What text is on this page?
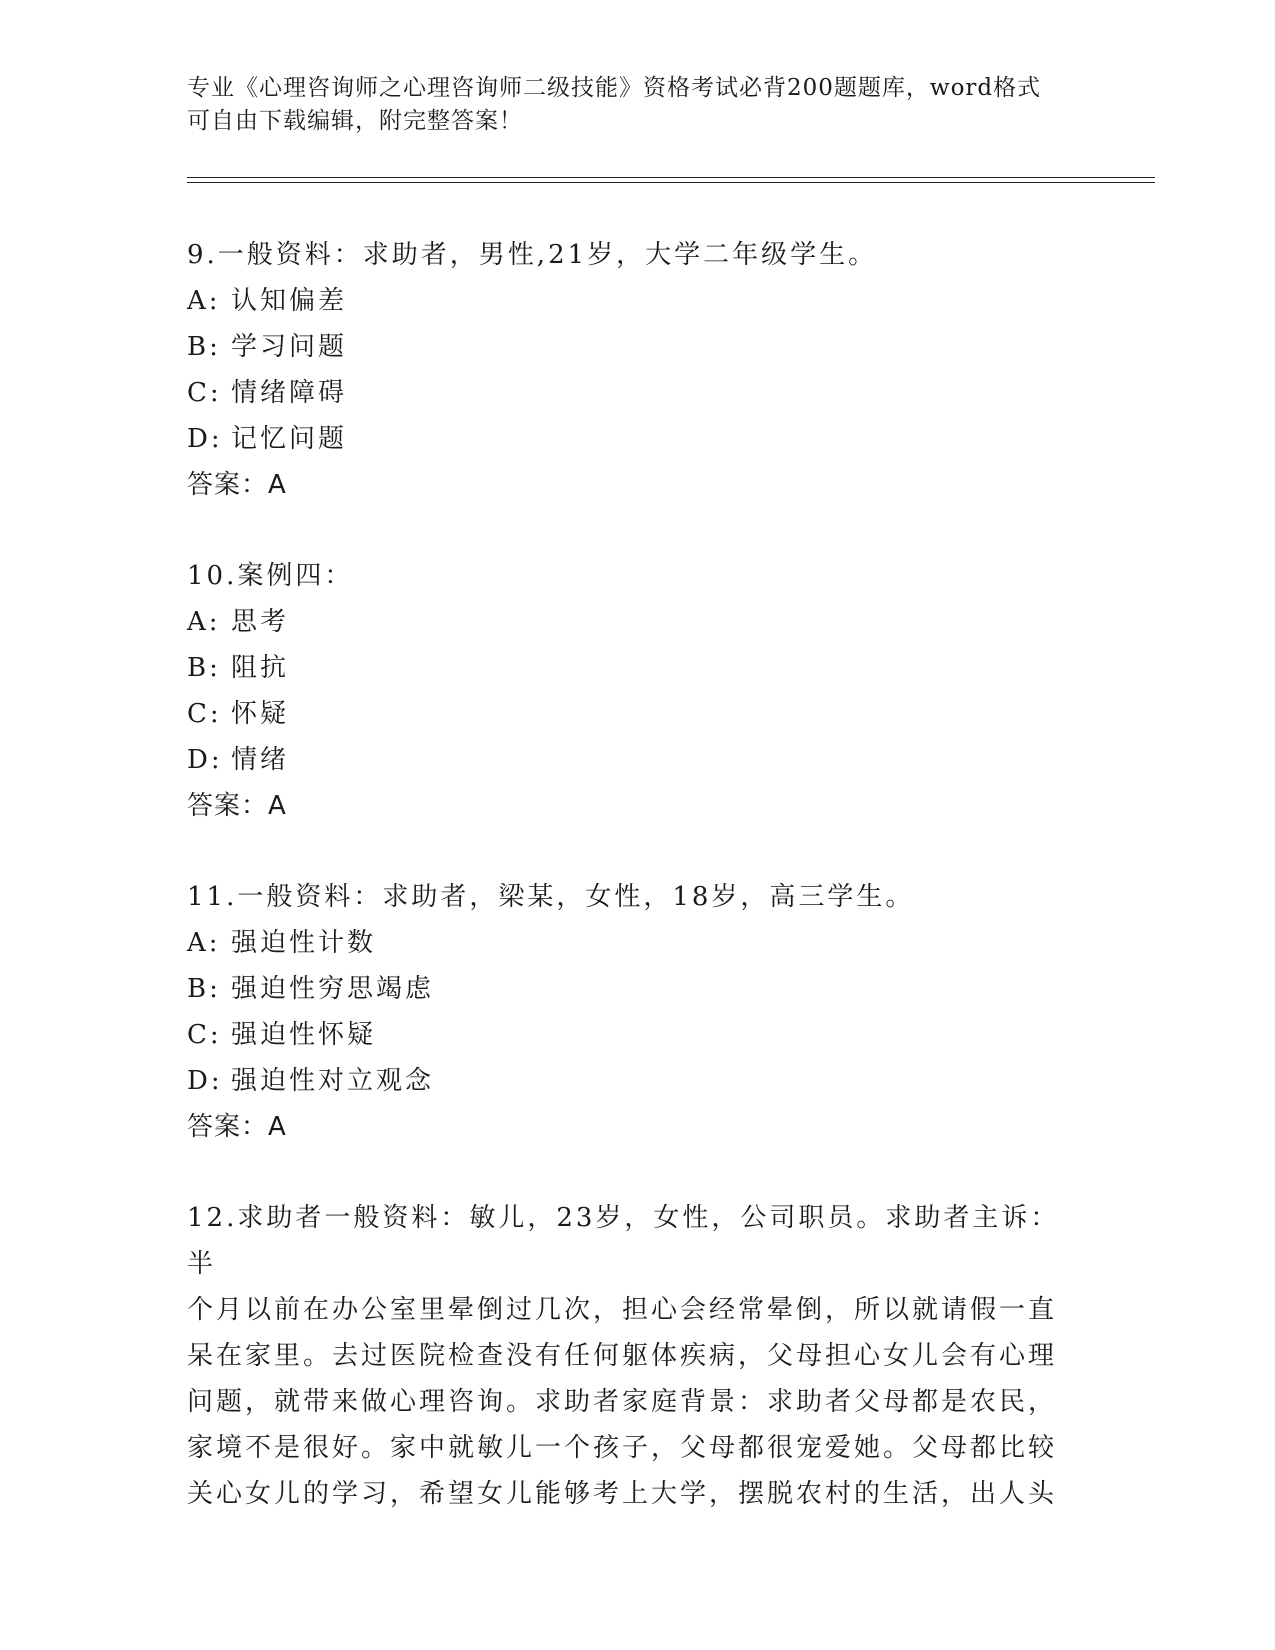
专业《心理咨询师之心理咨询师二级技能》资格考试必背200题题库，word格式
可自由下载编辑，附完整答案！

9.一般资料：求助者，男性,21岁，大学二年级学生。

A: 认知偏差

B: 学习问题

C: 情绪障碍

D: 记忆问题

答案：A

10.案例四：

A: 思考

B: 阻抗

C: 怀疑

D: 情绪

答案：A

11.一般资料：求助者，梁某，女性，18岁，高三学生。

A: 强迫性计数

B: 强迫性穷思竭虑

C: 强迫性怀疑

D: 强迫性对立观念

答案：A

12.求助者一般资料：敏儿，23岁，女性，公司职员。求助者主诉：半

个月以前在办公室里晕倒过几次，担心会经常晕倒，所以就请假一直

呆在家里。去过医院检查没有任何躯体疾病，父母担心女儿会有心理

问题，就带来做心理咨询。求助者家庭背景：求助者父母都是农民，

家境不是很好。家中就敏儿一个孩子，父母都很宠爱她。父母都比较

关心女儿的学习，希望女儿能够考上大学，摆脱农村的生活，出人头
